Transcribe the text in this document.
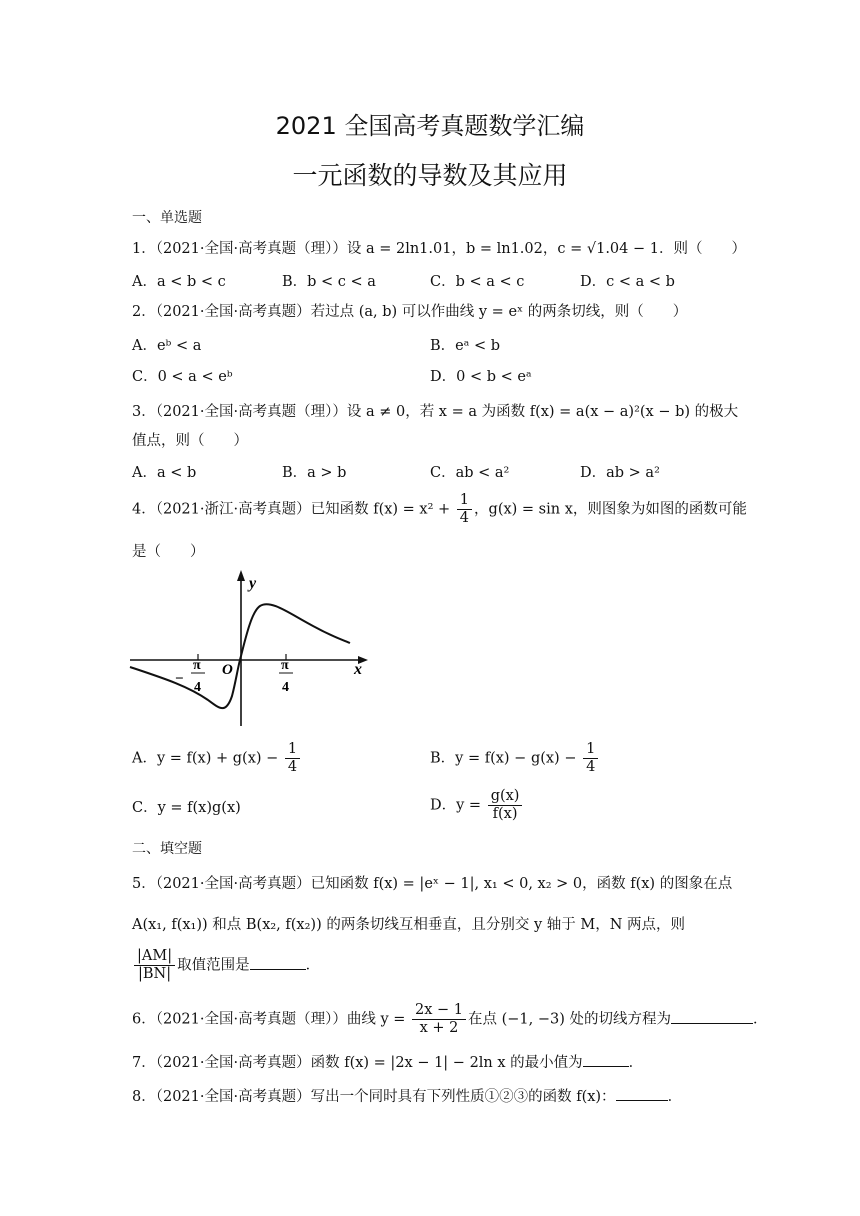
2021 全国高考真题数学汇编
一元函数的导数及其应用
一、单选题
1．（2021·全国·高考真题（理））设 a = 2ln1.01，b = ln1.02，c = √1.04 − 1．则（　　）
A．a < b < c	B．b < c < a	C．b < a < c	D．c < a < b
2．（2021·全国·高考真题）若过点 (a, b) 可以作曲线 y = eˣ 的两条切线，则（　　）
A．eᵇ < a	B．eᵃ < b
C．0 < a < eᵇ	D．0 < b < eᵃ
3．（2021·全国·高考真题（理））设 a ≠ 0，若 x = a 为函数 f(x) = a(x − a)²(x − b) 的极大
值点，则（　　）
A．a < b	B．a > b	C．ab < a²	D．ab > a²
4．（2021·浙江·高考真题）已知函数 $f(x) = x^2 + \frac{1}{4}$ ，g(x) = sin x，则图象为如图的函数可能
是（　　）
y
x
O
−
π
4
π
4
A．$y = f(x) + g(x) - \frac{1}{4}$	B．$y = f(x) - g(x) - \frac{1}{4}$
C．y = f(x)g(x)	D．$y = \frac{g(x)}{f(x)}$
二、填空题
5．（2021·全国·高考真题）已知函数 f(x) = |eˣ − 1|, x₁ < 0, x₂ > 0，函数 f(x) 的图象在点
A(x₁, f(x₁)) 和点 B(x₂, f(x₂)) 的两条切线互相垂直，且分别交 y 轴于 M，N 两点，则
$\frac{|AM|}{|BN|}$ 取值范围是	．
6．（2021·全国·高考真题（理））曲线 $y = \frac{2x - 1}{x + 2}$ 在点 (−1, −3) 处的切线方程为	．
7．（2021·全国·高考真题）函数 f(x) = |2x − 1| − 2ln x 的最小值为	．
8．（2021·全国·高考真题）写出一个同时具有下列性质①②③的函数 f(x)：	．
